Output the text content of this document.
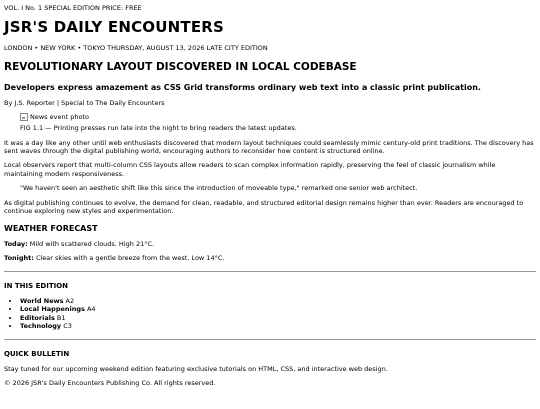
VOL. I No. 1 SPECIAL EDITION PRICE: FREE
JSR'S DAILY ENCOUNTERS
LONDON • NEW YORK • TOKYO THURSDAY, AUGUST 13, 2026 LATE CITY EDITION
REVOLUTIONARY LAYOUT DISCOVERED IN LOCAL CODEBASE
Developers express amazement as CSS Grid transforms ordinary web text into a classic print publication.
By J.S. Reporter | Special to The Daily Encounters
News event photo
FIG 1.1 — Printing presses run late into the night to bring readers the latest updates.

It was a day like any other until web enthusiasts discovered that modern layout techniques could seamlessly mimic century-old print traditions. The discovery has sent waves through the digital publishing world, encouraging authors to reconsider how content is structured online.

Local observers report that multi-column CSS layouts allow readers to scan complex information rapidly, preserving the feel of classic journalism while maintaining modern responsiveness.

"We haven't seen an aesthetic shift like this since the introduction of moveable type," remarked one senior web architect.

As digital publishing continues to evolve, the demand for clean, readable, and structured editorial design remains higher than ever. Readers are encouraged to continue exploring new styles and experimentation.

WEATHER FORECAST

Today: Mild with scattered clouds. High 21°C.

Tonight: Clear skies with a gentle breeze from the west. Low 14°C.

IN THIS EDITION
• World News A2
• Local Happenings A4
• Editorials B1
• Technology C3
QUICK BULLETIN

Stay tuned for our upcoming weekend edition featuring exclusive tutorials on HTML, CSS, and interactive web design.

© 2026 JSR's Daily Encounters Publishing Co. All rights reserved.
